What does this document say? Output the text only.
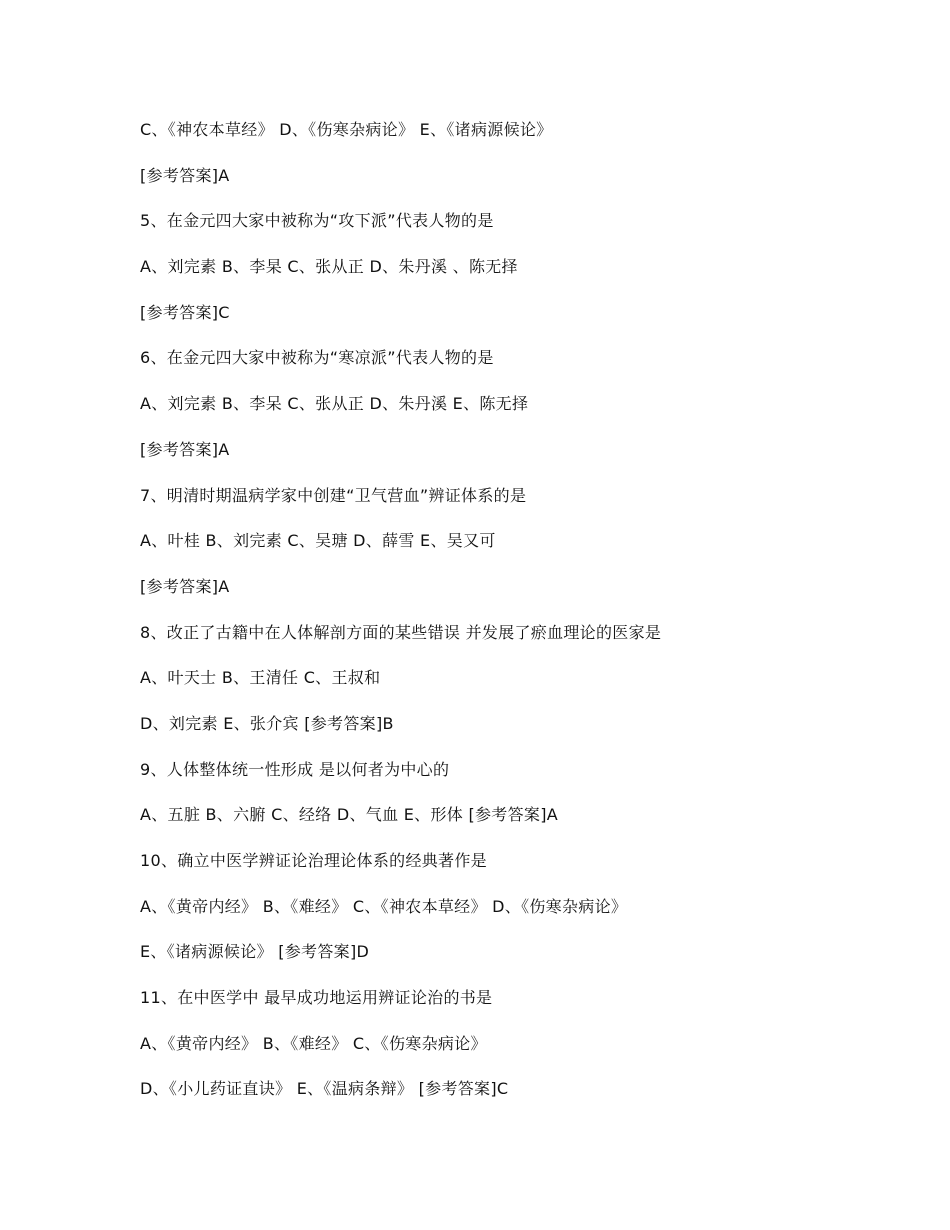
C、《神农本草经》 D、《伤寒杂病论》 E、《诸病源候论》
[参考答案]A
5、在金元四大家中被称为“攻下派”代表人物的是
A、刘完素 B、李杲 C、张从正 D、朱丹溪 、陈无择
[参考答案]C
6、在金元四大家中被称为“寒凉派”代表人物的是
A、刘完素 B、李呆 C、张从正 D、朱丹溪 E、陈无择
[参考答案]A
7、明清时期温病学家中创建“卫气营血”辨证体系的是
A、叶桂 B、刘完素 C、吴瑭 D、薛雪 E、吴又可
[参考答案]A
8、改正了古籍中在人体解剖方面的某些错误 并发展了瘀血理论的医家是
A、叶天士 B、王清任 C、王叔和
D、刘完素 E、张介宾 [参考答案]B
9、人体整体统一性形成 是以何者为中心的
A、五脏 B、六腑 C、经络 D、气血 E、形体 [参考答案]A
10、确立中医学辨证论治理论体系的经典著作是
A、《黄帝内经》 B、《难经》 C、《神农本草经》 D、《伤寒杂病论》
E、《诸病源候论》 [参考答案]D
11、在中医学中 最早成功地运用辨证论治的书是
A、《黄帝内经》 B、《难经》 C、《伤寒杂病论》
D、《小儿药证直诀》 E、《温病条辩》 [参考答案]C
